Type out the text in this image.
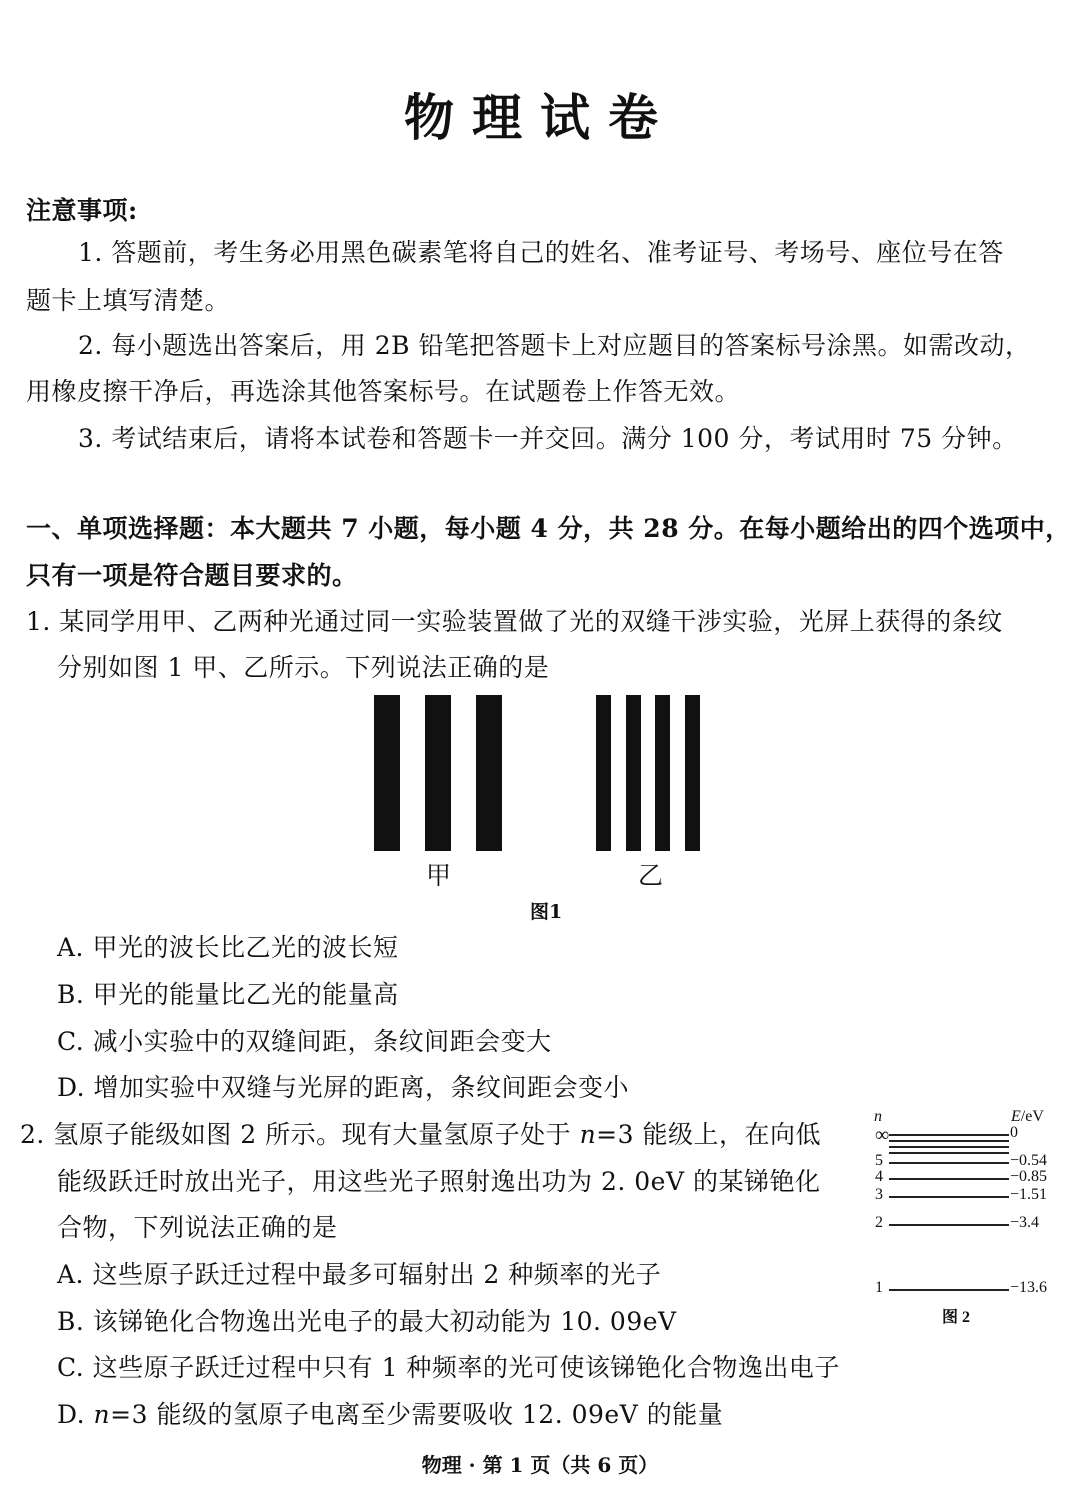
物理试卷
注意事项:
1. 答题前，考生务必用黑色碳素笔将自己的姓名、准考证号、考场号、座位号在答
题卡上填写清楚。
2. 每小题选出答案后，用 2B 铅笔把答题卡上对应题目的答案标号涂黑。如需改动，
用橡皮擦干净后，再选涂其他答案标号。在试题卷上作答无效。
3. 考试结束后，请将本试卷和答题卡一并交回。满分 100 分，考试用时 75 分钟。
一、单项选择题：本大题共 7 小题，每小题 4 分，共 28 分。在每小题给出的四个选项中，
只有一项是符合题目要求的。
1. 某同学用甲、乙两种光通过同一实验装置做了光的双缝干涉实验，光屏上获得的条纹
分别如图 1 甲、乙所示。下列说法正确的是
甲	乙
图1
A. 甲光的波长比乙光的波长短
B. 甲光的能量比乙光的能量高
C. 减小实验中的双缝间距，条纹间距会变大
D. 增加实验中双缝与光屏的距离，条纹间距会变小
2. 氢原子能级如图 2 所示。现有大量氢原子处于 n=3 能级上，在向低
能级跃迁时放出光子，用这些光子照射逸出功为 2. 0eV 的某锑铯化
合物，下列说法正确的是
A. 这些原子跃迁过程中最多可辐射出 2 种频率的光子
B. 该锑铯化合物逸出光电子的最大初动能为 10. 09eV
C. 这些原子跃迁过程中只有 1 种频率的光可使该锑铯化合物逸出电子
D. n=3 能级的氢原子电离至少需要吸收 12. 09eV 的能量
n	E/eV
∞	0
5	−0.54
4	−0.85
3	−1.51
2	−3.4
1	−13.6
图 2
物理 · 第 1 页（共 6 页）
